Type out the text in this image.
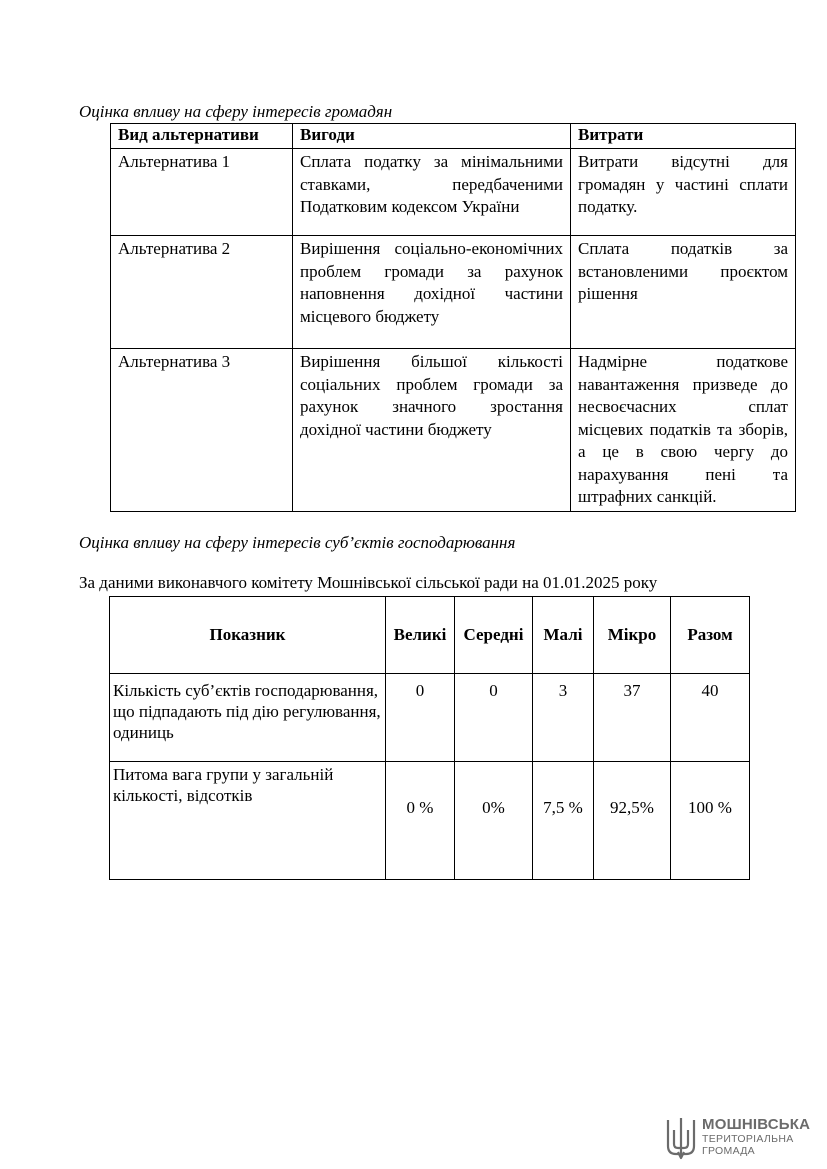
Оцінка впливу на сферу інтересів громадян
Вид альтернативи	Вигоди	Витрати
Альтернатива 1	Сплата податку за мінімальними ставками, передбаченими Податковим кодексом України	Витрати відсутні для громадян у частині сплати податку.
Альтернатива 2	Вирішення соціально-економічних проблем громади за рахунок наповнення дохідної частини місцевого бюджету	Сплата податків за встановленими проєктом рішення
Альтернатива 3	Вирішення більшої кількості соціальних проблем громади за рахунок значного зростання дохідної частини бюджету	Надмірне податкове навантаження призведе до несвоєчасних сплат місцевих податків та зборів, а це в свою чергу до нарахування пені та штрафних санкцій.
Оцінка впливу на сферу інтересів суб’єктів господарювання
За даними виконавчого комітету Мошнівської сільської ради на 01.01.2025 року
Показник	Великі	Середні	Малі	Мікро	Разом
Кількість суб’єктів господарювання, що підпадають під дію регулювання, одиниць	0	0	3	37	40
Питома вага групи у загальній кількості, відсотків	0 %	0%	7,5 %	92,5%	100 %
МОШНІВСЬКА
ТЕРИТОРІАЛЬНА
ГРОМАДА
